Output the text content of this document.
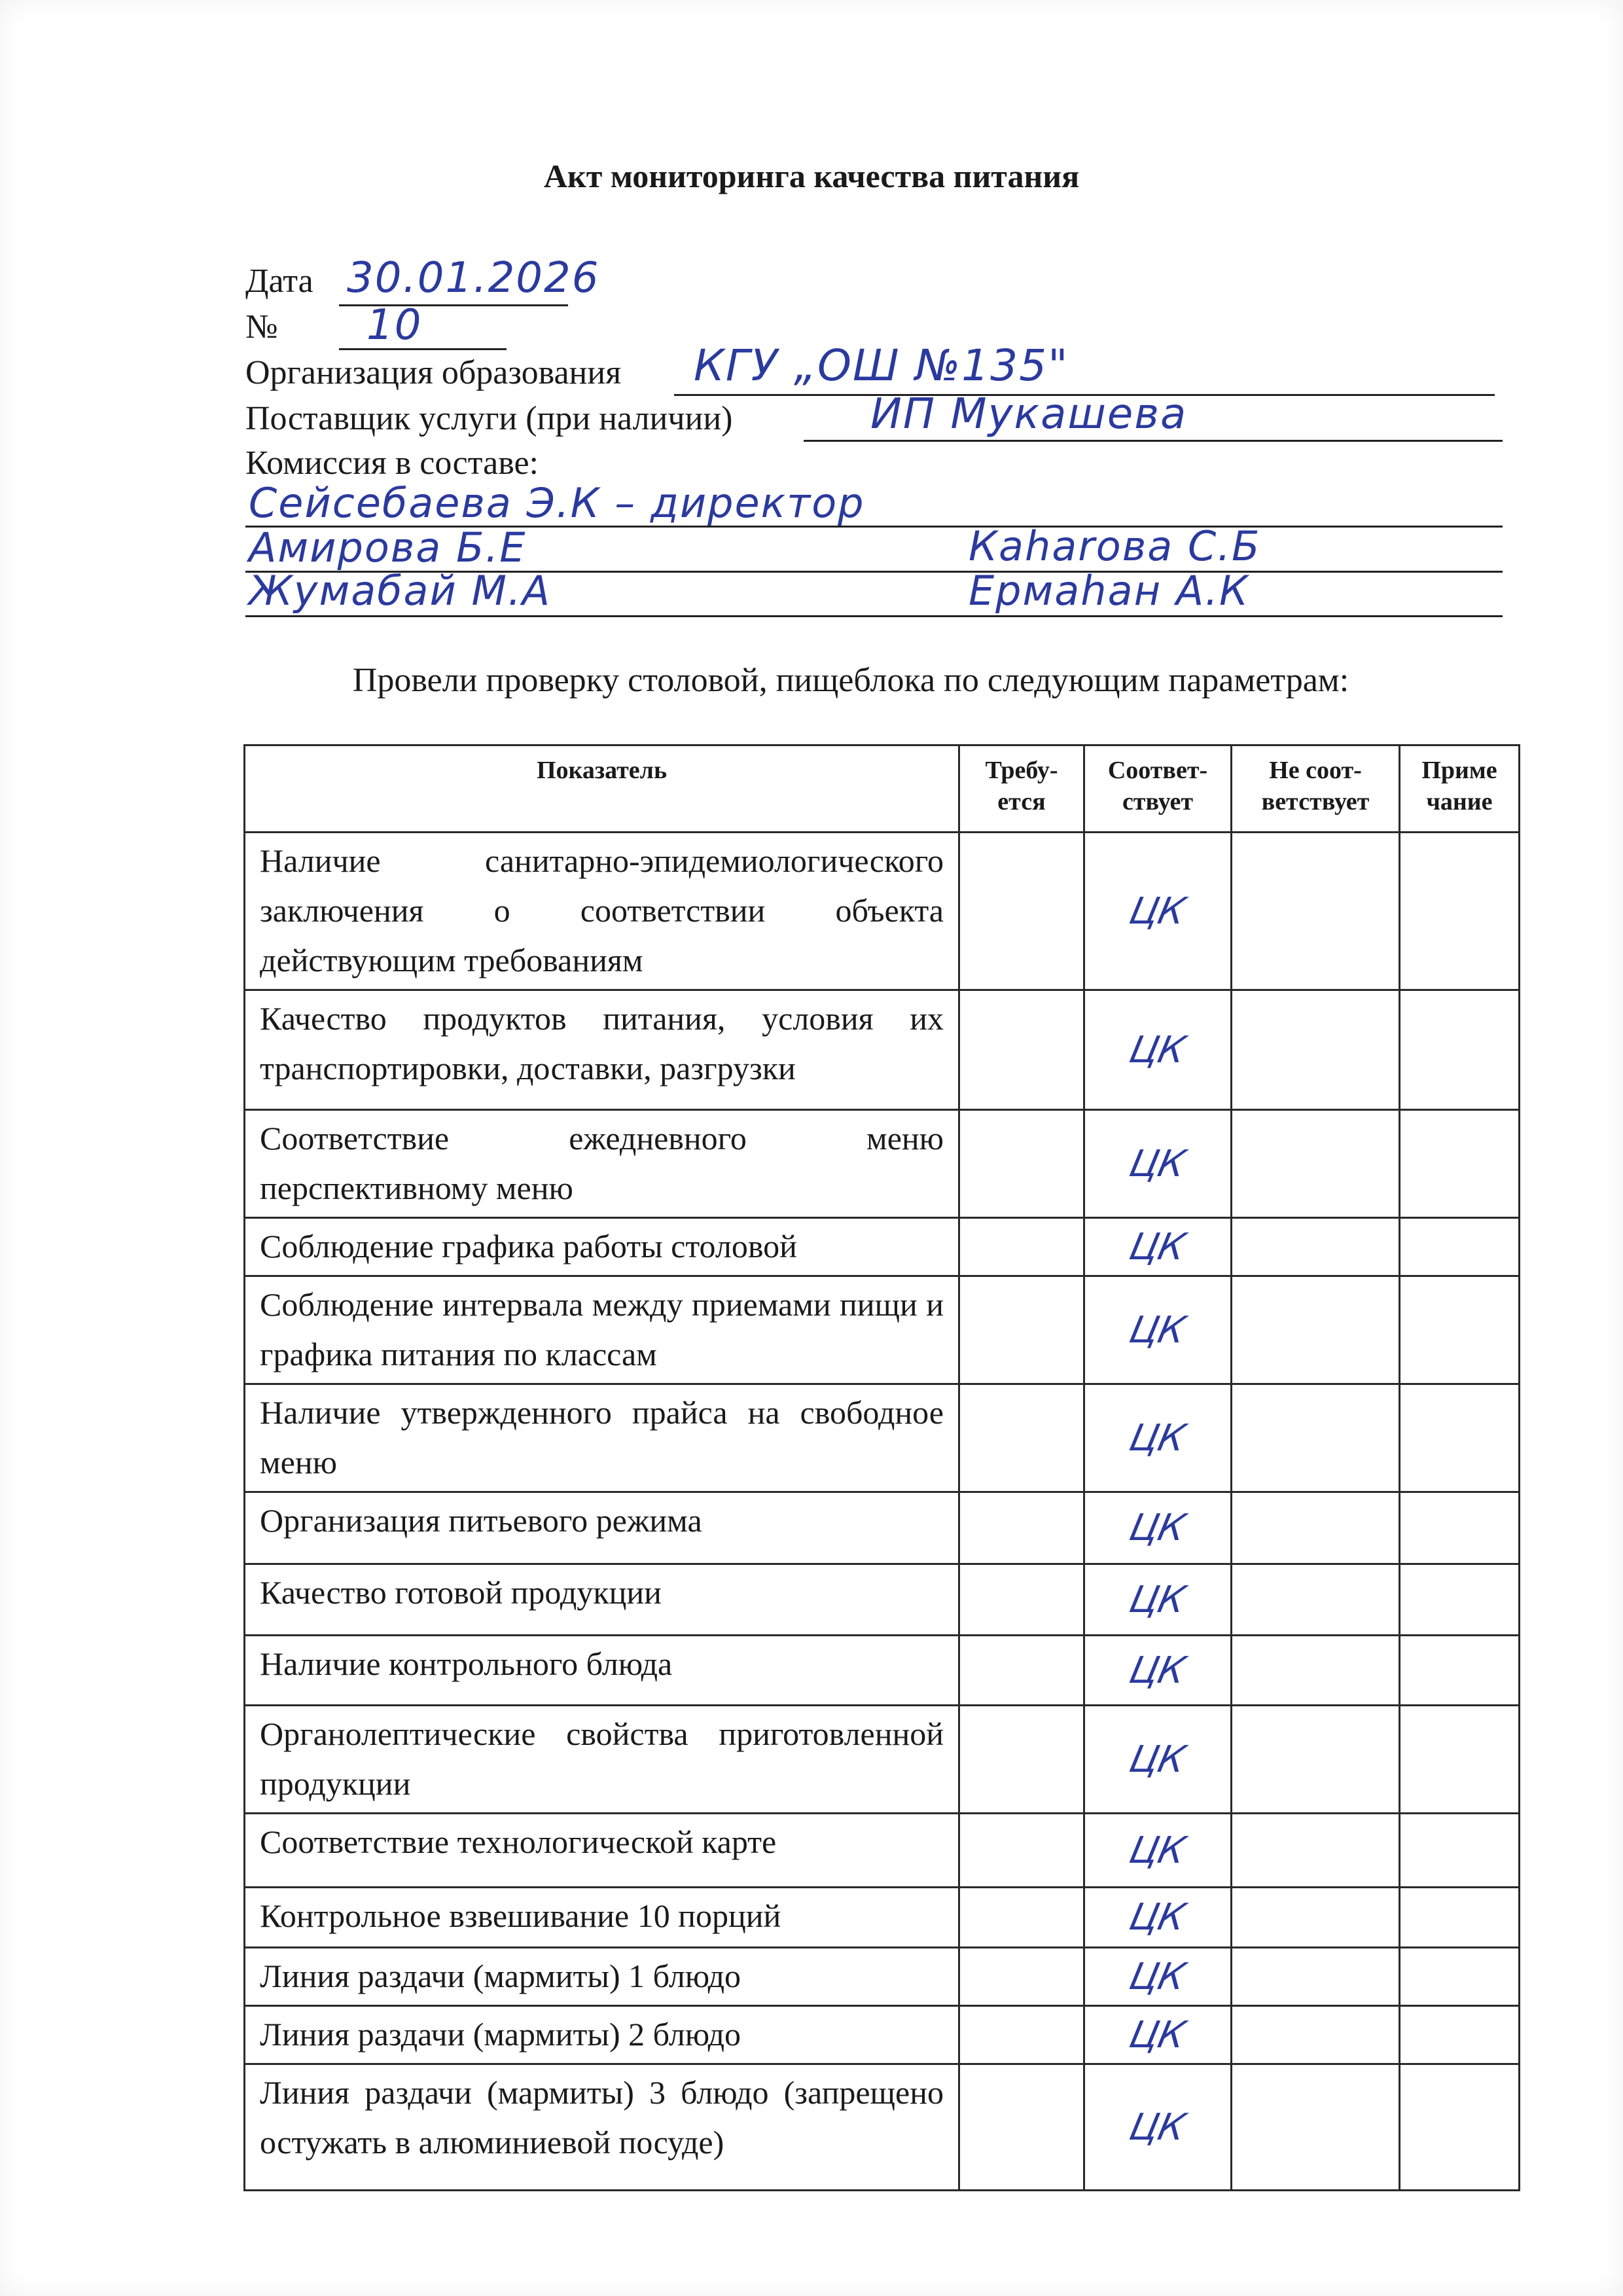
Акт мониторинга качества питания
Дата 30.01.2026
№ 10
Организация образования КГУ „ОШ №135"
Поставщик услуги (при наличии)	ИП Мукашева
Комиссия в составе:
Сейсебаева Э.К – директор
Амирова Б.Е	Каharова С.Б
Жумабай М.А	Ермаhан А.К
Провели проверку столовой, пищеблока по следующим параметрам:
Показатель	Требу-ется	Соответ-ствует	Не соот-ветствует	Приме чание
Наличие санитарно-эпидемиологического заключения о соответствии объекта действующим требованиям		ЦК		
Качество продуктов питания, условия их транспортировки, доставки, разгрузки		ЦК		
Соответствие ежедневного меню перспективному меню		ЦК		
Соблюдение графика работы столовой		ЦК		
Соблюдение интервала между приемами пищи и графика питания по классам		ЦК		
Наличие утвержденного прайса на свободное меню		ЦК		
Организация питьевого режима		ЦК		
Качество готовой продукции		ЦК		
Наличие контрольного блюда		ЦК		
Органолептические свойства приготовленной продукции		ЦК		
Соответствие технологической карте		ЦК		
Контрольное взвешивание 10 порций		ЦК		
Линия раздачи (мармиты) 1 блюдо		ЦК		
Линия раздачи (мармиты) 2 блюдо		ЦК		
Линия раздачи (мармиты) 3 блюдо (запрещено остужать в алюминиевой посуде)		ЦК		
